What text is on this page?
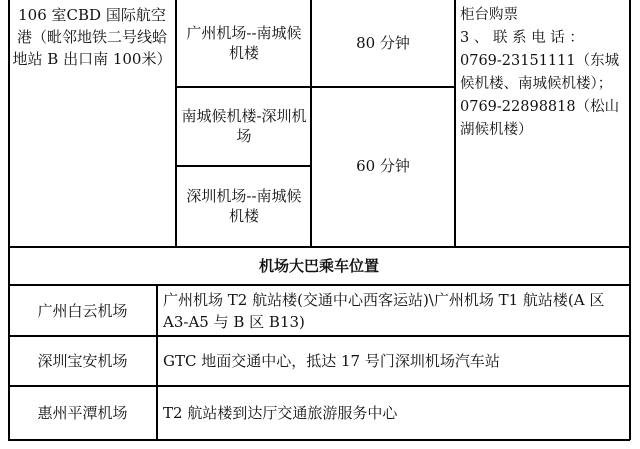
106 室CBD 国际航空港（毗邻地铁二号线蛤地站 B 出口南 100米）
广州机场--南城候机楼
南城候机楼-深圳机场
深圳机场--南城候机楼
80 分钟
60 分钟
柜台购票
3 、 联 系 电 话 ：
0769-23151111（东城
候机楼、南城候机楼）；
0769-22898818（松山
湖候机楼）
机场大巴乘车位置
广州白云机场
广州机场 T2 航站楼(交通中心西客运站)\广州机场 T1 航站楼(A 区 A3-A5 与 B 区 B13)
深圳宝安机场 GTC 地面交通中心，抵达 17 号门深圳机场汽车站
惠州平潭机场 T2 航站楼到达厅交通旅游服务中心
